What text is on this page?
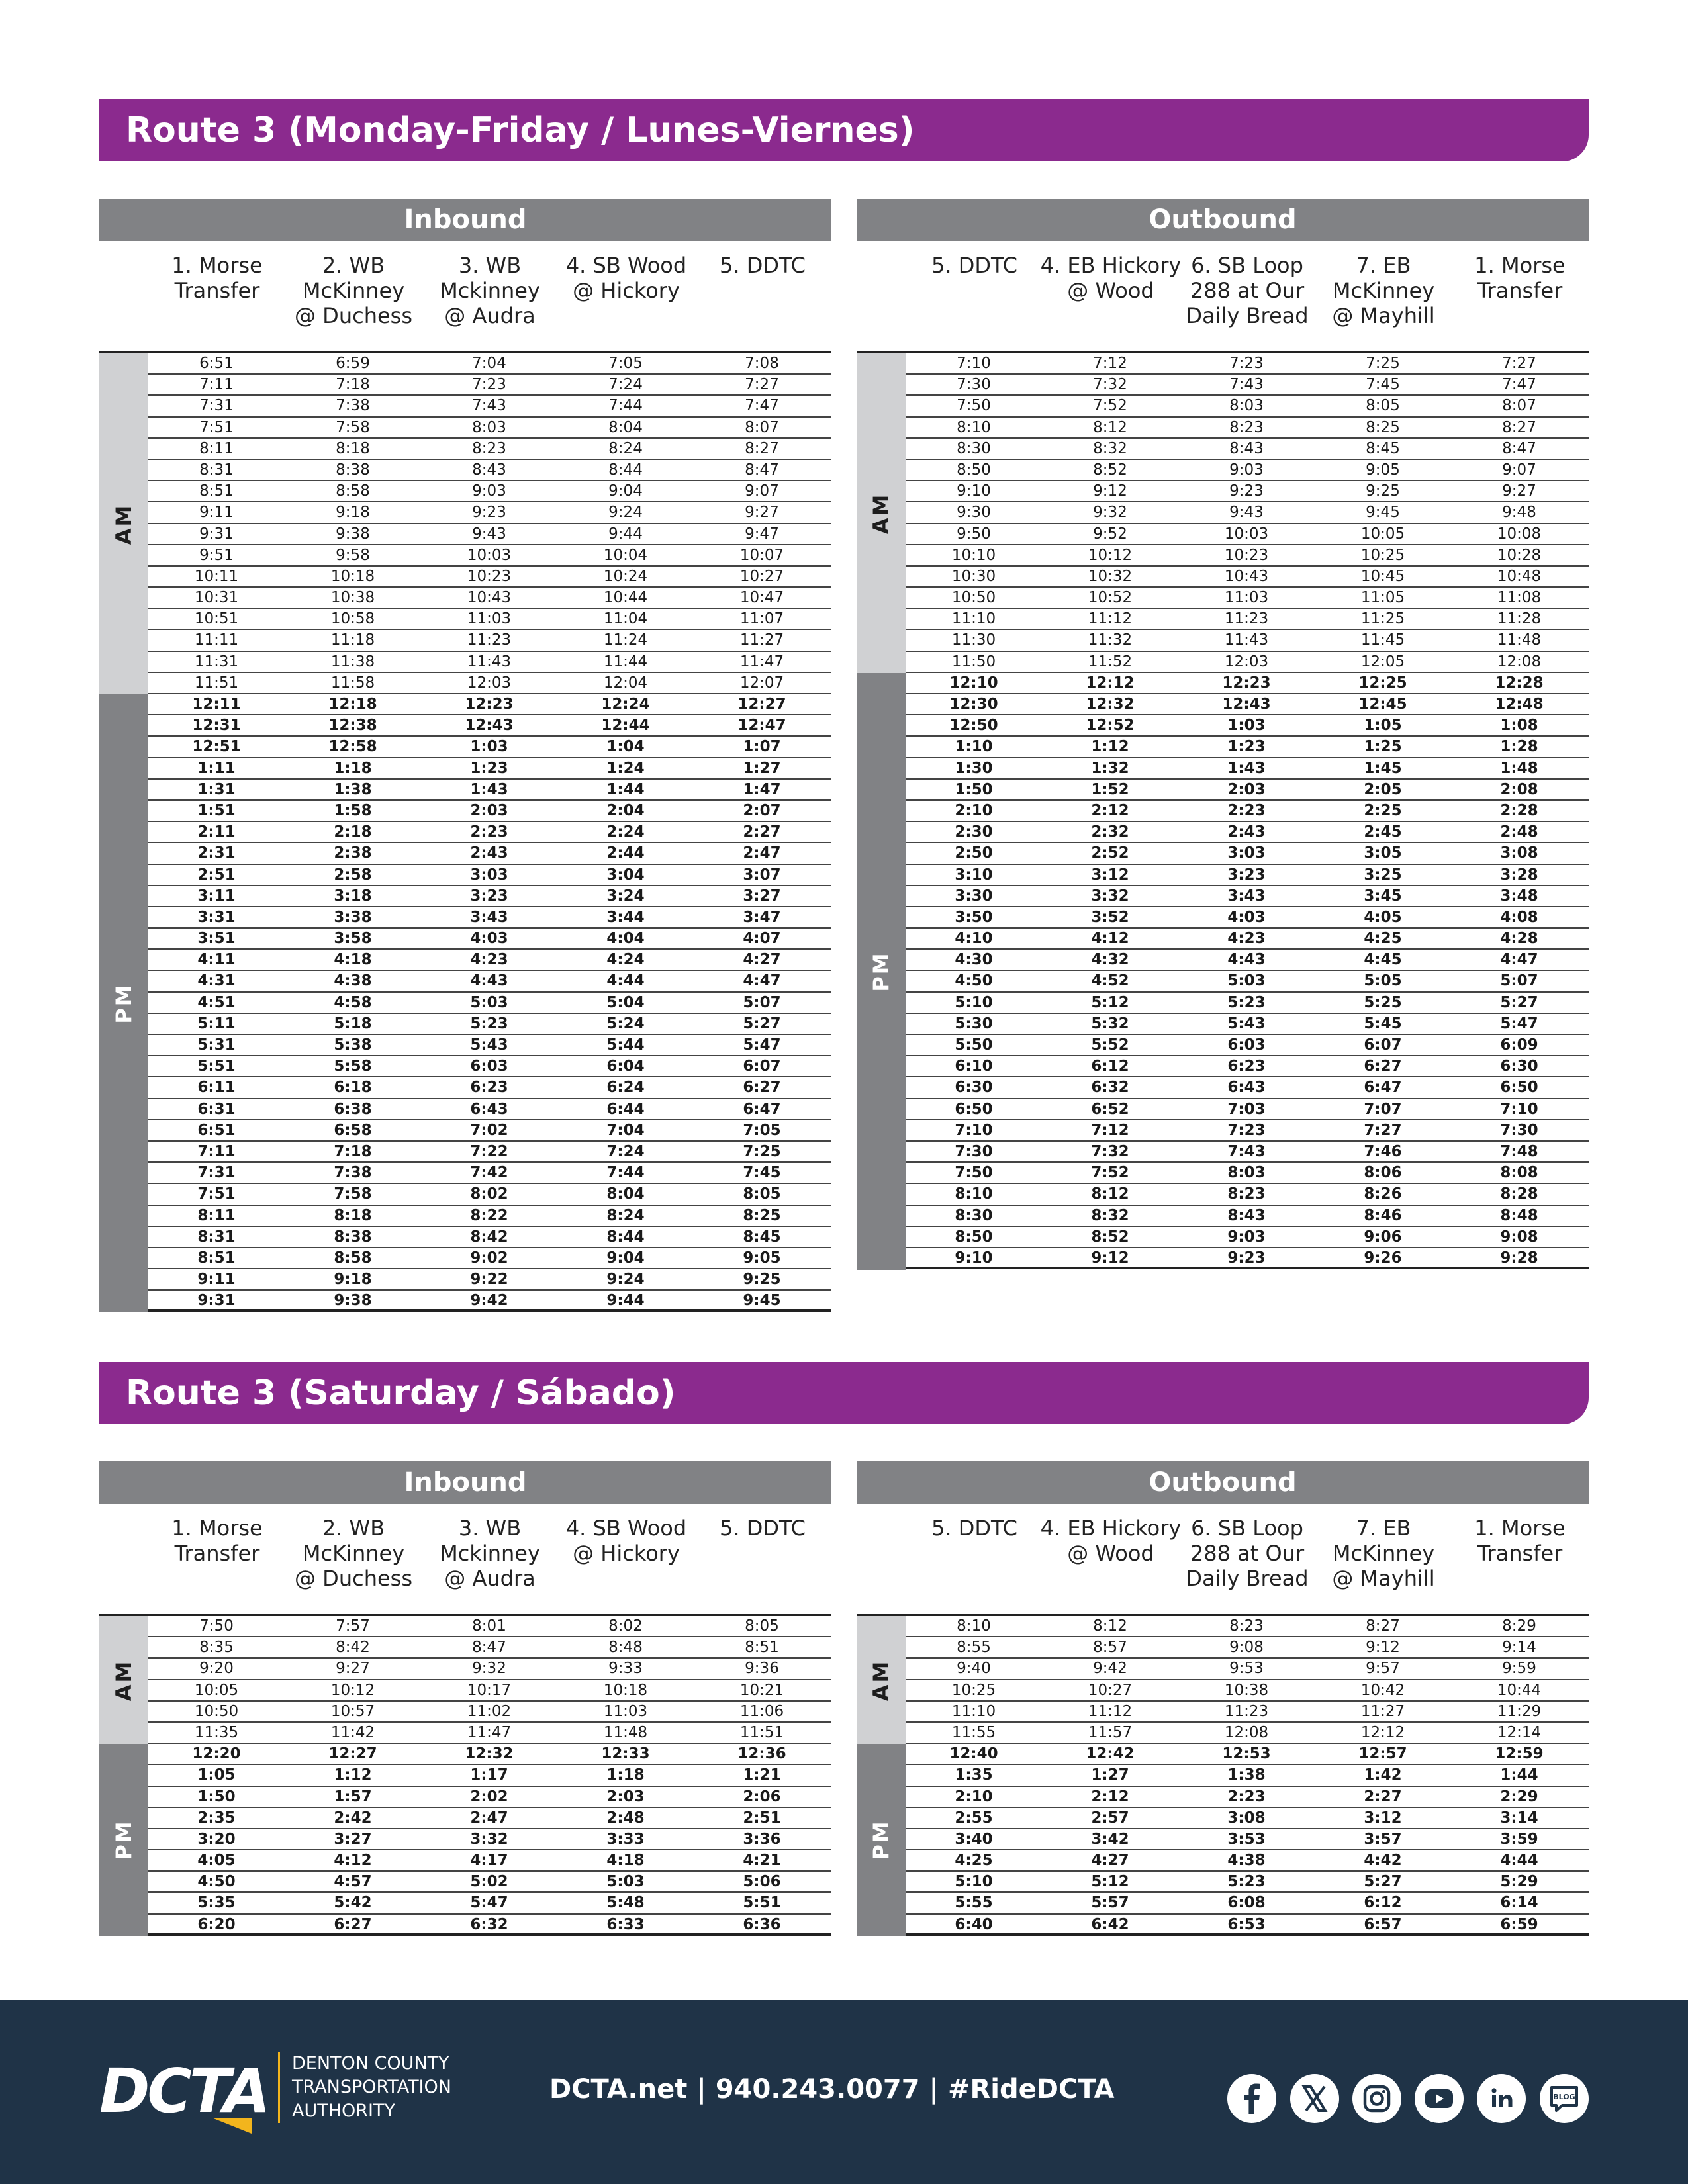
Route 3 (Monday-Friday / Lunes-Viernes)
Inbound
1. Morse
Transfer
2. WB
McKinney
@ Duchess
3. WB
Mckinney
@ Audra
4. SB Wood
@ Hickory
5. DDTC
AM
PM
6:51	6:59	7:04	7:05	7:08
7:11	7:18	7:23	7:24	7:27
7:31	7:38	7:43	7:44	7:47
7:51	7:58	8:03	8:04	8:07
8:11	8:18	8:23	8:24	8:27
8:31	8:38	8:43	8:44	8:47
8:51	8:58	9:03	9:04	9:07
9:11	9:18	9:23	9:24	9:27
9:31	9:38	9:43	9:44	9:47
9:51	9:58	10:03	10:04	10:07
10:11	10:18	10:23	10:24	10:27
10:31	10:38	10:43	10:44	10:47
10:51	10:58	11:03	11:04	11:07
11:11	11:18	11:23	11:24	11:27
11:31	11:38	11:43	11:44	11:47
11:51	11:58	12:03	12:04	12:07
12:11	12:18	12:23	12:24	12:27
12:31	12:38	12:43	12:44	12:47
12:51	12:58	1:03	1:04	1:07
1:11	1:18	1:23	1:24	1:27
1:31	1:38	1:43	1:44	1:47
1:51	1:58	2:03	2:04	2:07
2:11	2:18	2:23	2:24	2:27
2:31	2:38	2:43	2:44	2:47
2:51	2:58	3:03	3:04	3:07
3:11	3:18	3:23	3:24	3:27
3:31	3:38	3:43	3:44	3:47
3:51	3:58	4:03	4:04	4:07
4:11	4:18	4:23	4:24	4:27
4:31	4:38	4:43	4:44	4:47
4:51	4:58	5:03	5:04	5:07
5:11	5:18	5:23	5:24	5:27
5:31	5:38	5:43	5:44	5:47
5:51	5:58	6:03	6:04	6:07
6:11	6:18	6:23	6:24	6:27
6:31	6:38	6:43	6:44	6:47
6:51	6:58	7:02	7:04	7:05
7:11	7:18	7:22	7:24	7:25
7:31	7:38	7:42	7:44	7:45
7:51	7:58	8:02	8:04	8:05
8:11	8:18	8:22	8:24	8:25
8:31	8:38	8:42	8:44	8:45
8:51	8:58	9:02	9:04	9:05
9:11	9:18	9:22	9:24	9:25
9:31	9:38	9:42	9:44	9:45
Outbound
5. DDTC	4. EB Hickory
@ Wood
6. SB Loop
288 at Our
Daily Bread
7. EB
McKinney
@ Mayhill
1. Morse
Transfer
AM
PM
7:10	7:12	7:23	7:25	7:27
7:30	7:32	7:43	7:45	7:47
7:50	7:52	8:03	8:05	8:07
8:10	8:12	8:23	8:25	8:27
8:30	8:32	8:43	8:45	8:47
8:50	8:52	9:03	9:05	9:07
9:10	9:12	9:23	9:25	9:27
9:30	9:32	9:43	9:45	9:48
9:50	9:52	10:03	10:05	10:08
10:10	10:12	10:23	10:25	10:28
10:30	10:32	10:43	10:45	10:48
10:50	10:52	11:03	11:05	11:08
11:10	11:12	11:23	11:25	11:28
11:30	11:32	11:43	11:45	11:48
11:50	11:52	12:03	12:05	12:08
12:10	12:12	12:23	12:25	12:28
12:30	12:32	12:43	12:45	12:48
12:50	12:52	1:03	1:05	1:08
1:10	1:12	1:23	1:25	1:28
1:30	1:32	1:43	1:45	1:48
1:50	1:52	2:03	2:05	2:08
2:10	2:12	2:23	2:25	2:28
2:30	2:32	2:43	2:45	2:48
2:50	2:52	3:03	3:05	3:08
3:10	3:12	3:23	3:25	3:28
3:30	3:32	3:43	3:45	3:48
3:50	3:52	4:03	4:05	4:08
4:10	4:12	4:23	4:25	4:28
4:30	4:32	4:43	4:45	4:47
4:50	4:52	5:03	5:05	5:07
5:10	5:12	5:23	5:25	5:27
5:30	5:32	5:43	5:45	5:47
5:50	5:52	6:03	6:07	6:09
6:10	6:12	6:23	6:27	6:30
6:30	6:32	6:43	6:47	6:50
6:50	6:52	7:03	7:07	7:10
7:10	7:12	7:23	7:27	7:30
7:30	7:32	7:43	7:46	7:48
7:50	7:52	8:03	8:06	8:08
8:10	8:12	8:23	8:26	8:28
8:30	8:32	8:43	8:46	8:48
8:50	8:52	9:03	9:06	9:08
9:10	9:12	9:23	9:26	9:28
Route 3 (Saturday / Sábado)
Inbound
1. Morse
Transfer
2. WB
McKinney
@ Duchess
3. WB
Mckinney
@ Audra
4. SB Wood
@ Hickory
5. DDTC
AM
PM
7:50	7:57	8:01	8:02	8:05
8:35	8:42	8:47	8:48	8:51
9:20	9:27	9:32	9:33	9:36
10:05	10:12	10:17	10:18	10:21
10:50	10:57	11:02	11:03	11:06
11:35	11:42	11:47	11:48	11:51
12:20	12:27	12:32	12:33	12:36
1:05	1:12	1:17	1:18	1:21
1:50	1:57	2:02	2:03	2:06
2:35	2:42	2:47	2:48	2:51
3:20	3:27	3:32	3:33	3:36
4:05	4:12	4:17	4:18	4:21
4:50	4:57	5:02	5:03	5:06
5:35	5:42	5:47	5:48	5:51
6:20	6:27	6:32	6:33	6:36
Outbound
5. DDTC	4. EB Hickory
@ Wood
6. SB Loop
288 at Our
Daily Bread
7. EB
McKinney
@ Mayhill
1. Morse
Transfer
AM
PM
8:10	8:12	8:23	8:27	8:29
8:55	8:57	9:08	9:12	9:14
9:40	9:42	9:53	9:57	9:59
10:25	10:27	10:38	10:42	10:44
11:10	11:12	11:23	11:27	11:29
11:55	11:57	12:08	12:12	12:14
12:40	12:42	12:53	12:57	12:59
1:35	1:27	1:38	1:42	1:44
2:10	2:12	2:23	2:27	2:29
2:55	2:57	3:08	3:12	3:14
3:40	3:42	3:53	3:57	3:59
4:25	4:27	4:38	4:42	4:44
5:10	5:12	5:23	5:27	5:29
5:55	5:57	6:08	6:12	6:14
6:40	6:42	6:53	6:57	6:59
DCTA DENTON COUNTY
TRANSPORTATION
AUTHORITY
DCTA.net | 940.243.0077 | #RideDCTA	BLOG
